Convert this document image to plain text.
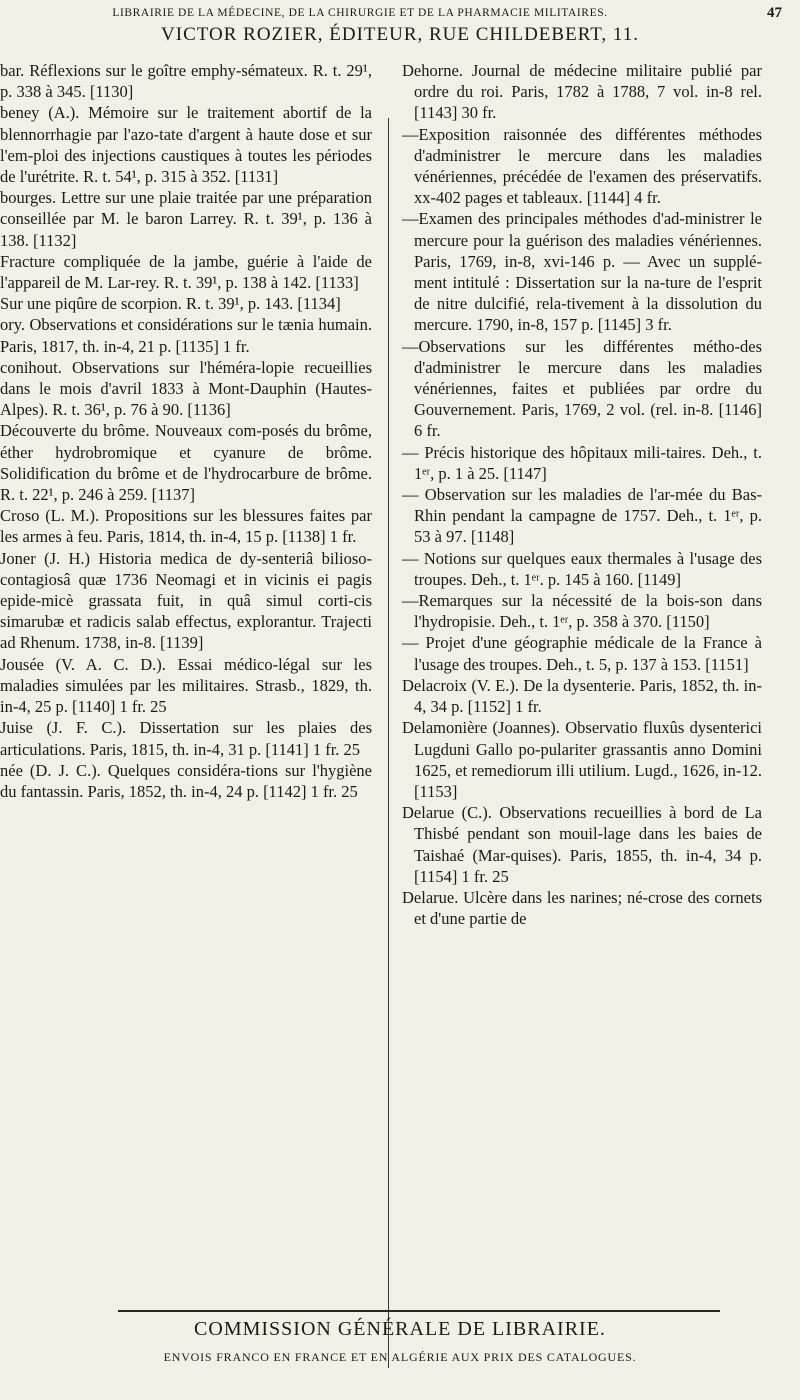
LIBRAIRIE DE LA MÉDECINE, DE LA CHIRURGIE ET DE LA PHARMACIE MILITAIRES.	47
VICTOR ROZIER, ÉDITEUR, RUE CHILDEBERT, 11.

bar. Réflexions sur le goître emphy-sémateux. R. t. 29¹, p. 338 à 345. [1130]

beney (A.). Mémoire sur le traitement abortif de la blennorrhagie par l'azo-tate d'argent à haute dose et sur l'em-ploi des injections caustiques à toutes les périodes de l'urétrite. R. t. 54¹, p. 315 à 352. [1131]

bourges. Lettre sur une plaie traitée par une préparation conseillée par M. le baron Larrey. R. t. 39¹, p. 136 à 138. [1132]

Fracture compliquée de la jambe, guérie à l'aide de l'appareil de M. Lar-rey. R. t. 39¹, p. 138 à 142. [1133]

Sur une piqûre de scorpion. R. t. 39¹, p. 143. [1134]

ory. Observations et considérations sur le tænia humain. Paris, 1817, th. in-4, 21 p. [1135] 1 fr.

conihout. Observations sur l'héméra-lopie recueillies dans le mois d'avril 1833 à Mont-Dauphin (Hautes-Alpes). R. t. 36¹, p. 76 à 90. [1136]

Découverte du brôme. Nouveaux com-posés du brôme, éther hydrobromique et cyanure de brôme. Solidification du brôme et de l'hydrocarbure de brôme. R. t. 22¹, p. 246 à 259. [1137]

Croso (L. M.). Propositions sur les blessures faites par les armes à feu. Paris, 1814, th. in-4, 15 p. [1138] 1 fr.

Joner (J. H.) Historia medica de dy-senteriâ bilioso-contagiosâ quæ 1736 Neomagi et in vicinis ei pagis epide-micè grassata fuit, in quâ simul corti-cis simarubæ et radicis salab effectus, explorantur. Trajecti ad Rhenum. 1738, in-8. [1139]

Jousée (V. A. C. D.). Essai médico-légal sur les maladies simulées par les militaires. Strasb., 1829, th. in-4, 25 p. [1140] 1 fr. 25

Juise (J. F. C.). Dissertation sur les plaies des articulations. Paris, 1815, th. in-4, 31 p. [1141] 1 fr. 25

née (D. J. C.). Quelques considéra-tions sur l'hygiène du fantassin. Paris, 1852, th. in-4, 24 p. [1142] 1 fr. 25

Dehorne. Journal de médecine militaire publié par ordre du roi. Paris, 1782 à 1788, 7 vol. in-8 rel. [1143] 30 fr.

—Exposition raisonnée des différentes méthodes d'administrer le mercure dans les maladies vénériennes, précédée de l'examen des préservatifs. xx-402 pages et tableaux. [1144] 4 fr.

—Examen des principales méthodes d'ad-ministrer le mercure pour la guérison des maladies vénériennes. Paris, 1769, in-8, xvi-146 p. — Avec un supplé-ment intitulé : Dissertation sur la na-ture de l'esprit de nitre dulcifié, rela-tivement à la dissolution du mercure. 1790, in-8, 157 p. [1145] 3 fr.

—Observations sur les différentes métho-des d'administrer le mercure dans les maladies vénériennes, faites et publiées par ordre du Gouvernement. Paris, 1769, 2 vol. (rel. in-8. [1146] 6 fr.

— Précis historique des hôpitaux mili-taires. Deh., t. 1ᵉʳ, p. 1 à 25. [1147]

— Observation sur les maladies de l'ar-mée du Bas-Rhin pendant la campagne de 1757. Deh., t. 1ᵉʳ, p. 53 à 97. [1148]

— Notions sur quelques eaux thermales à l'usage des troupes. Deh., t. 1ᵉʳ. p. 145 à 160. [1149]

—Remarques sur la nécessité de la bois-son dans l'hydropisie. Deh., t. 1ᵉʳ, p. 358 à 370. [1150]

— Projet d'une géographie médicale de la France à l'usage des troupes. Deh., t. 5, p. 137 à 153. [1151]

Delacroix (V. E.). De la dysenterie. Paris, 1852, th. in-4, 34 p. [1152] 1 fr.

Delamonière (Joannes). Observatio fluxûs dysenterici Lugduni Gallo po-pulariter grassantis anno Domini 1625, et remediorum illi utilium. Lugd., 1626, in-12. [1153]

Delarue (C.). Observations recueillies à bord de La Thisbé pendant son mouil-lage dans les baies de Taishaé (Mar-quises). Paris, 1855, th. in-4, 34 p. [1154] 1 fr. 25

Delarue. Ulcère dans les narines; né-crose des cornets et d'une partie de

COMMISSION GÉNÉRALE DE LIBRAIRIE.
ENVOIS FRANCO EN FRANCE ET EN ALGÉRIE AUX PRIX DES CATALOGUES.
